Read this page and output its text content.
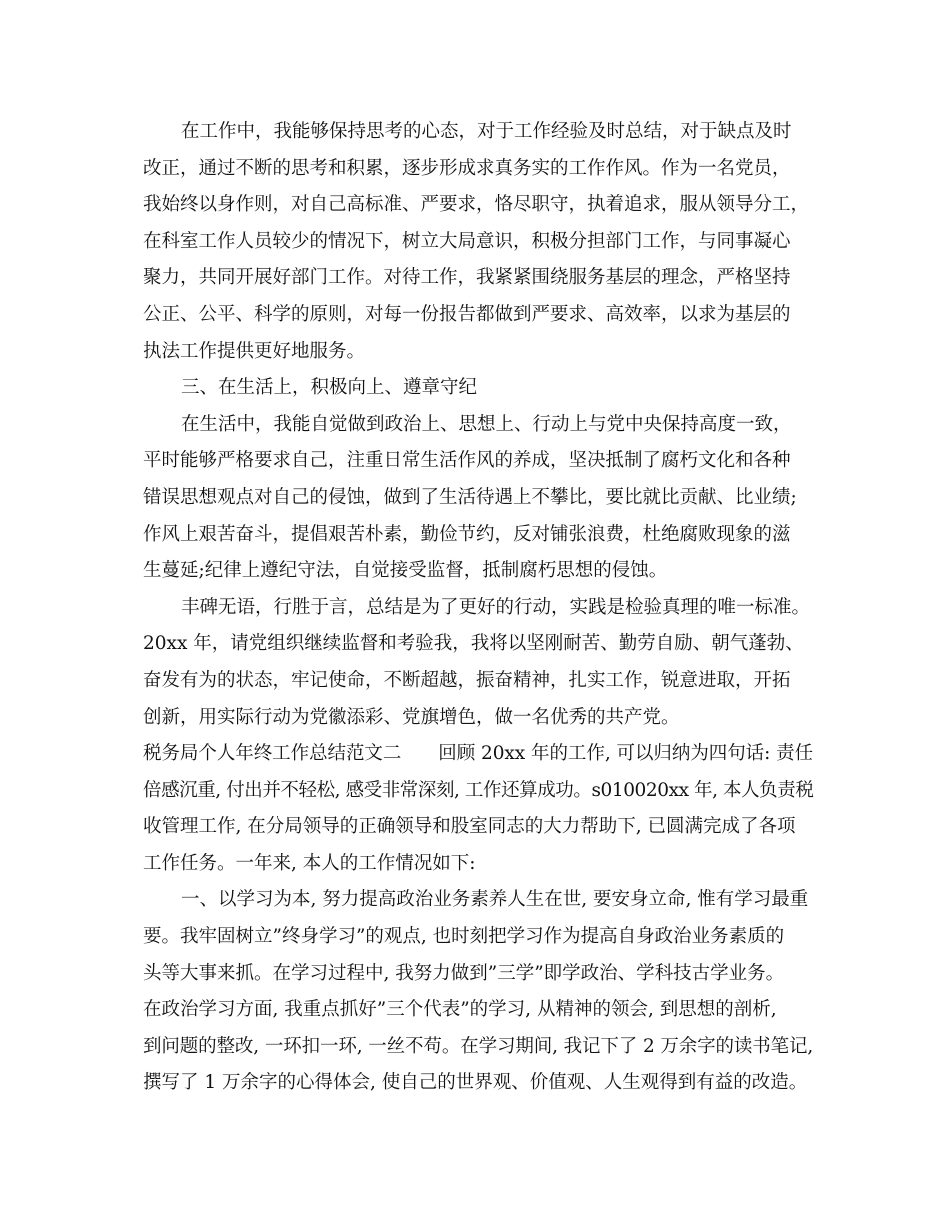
在工作中，我能够保持思考的心态，对于工作经验及时总结，对于缺点及时
改正，通过不断的思考和积累，逐步形成求真务实的工作作风。作为一名党员，
我始终以身作则，对自己高标准、严要求，恪尽职守，执着追求，服从领导分工，
在科室工作人员较少的情况下，树立大局意识，积极分担部门工作，与同事凝心
聚力，共同开展好部门工作。对待工作，我紧紧围绕服务基层的理念，严格坚持
公正、公平、科学的原则，对每一份报告都做到严要求、高效率，以求为基层的
执法工作提供更好地服务。
三、在生活上，积极向上、遵章守纪
在生活中，我能自觉做到政治上、思想上、行动上与党中央保持高度一致，
平时能够严格要求自己，注重日常生活作风的养成，坚决抵制了腐朽文化和各种
错误思想观点对自己的侵蚀，做到了生活待遇上不攀比，要比就比贡献、比业绩;
作风上艰苦奋斗，提倡艰苦朴素，勤俭节约，反对铺张浪费，杜绝腐败现象的滋
生蔓延;纪律上遵纪守法，自觉接受监督，抵制腐朽思想的侵蚀。
丰碑无语，行胜于言，总结是为了更好的行动，实践是检验真理的唯一标准。
20xx 年，请党组织继续监督和考验我，我将以坚刚耐苦、勤劳自励、朝气蓬勃、
奋发有为的状态，牢记使命，不断超越，振奋精神，扎实工作，锐意进取，开拓
创新，用实际行动为党徽添彩、党旗增色，做一名优秀的共产党。
税务局个人年终工作总结范文二　　回顾 20xx 年的工作, 可以归纳为四句话: 责任
倍感沉重, 付出并不轻松, 感受非常深刻, 工作还算成功。s010020xx 年, 本人负责税
收管理工作, 在分局领导的正确领导和股室同志的大力帮助下, 已圆满完成了各项
工作任务。一年来, 本人的工作情况如下:
一、以学习为本, 努力提高政治业务素养人生在世, 要安身立命, 惟有学习最重
要。我牢固树立”终身学习”的观点, 也时刻把学习作为提高自身政治业务素质的
头等大事来抓。在学习过程中, 我努力做到”三学”即学政治、学科技古学业务。
在政治学习方面, 我重点抓好”三个代表”的学习, 从精神的领会, 到思想的剖析,
到问题的整改, 一环扣一环, 一丝不苟。在学习期间, 我记下了 2 万余字的读书笔记,
撰写了 1 万余字的心得体会, 使自己的世界观、价值观、人生观得到有益的改造。
